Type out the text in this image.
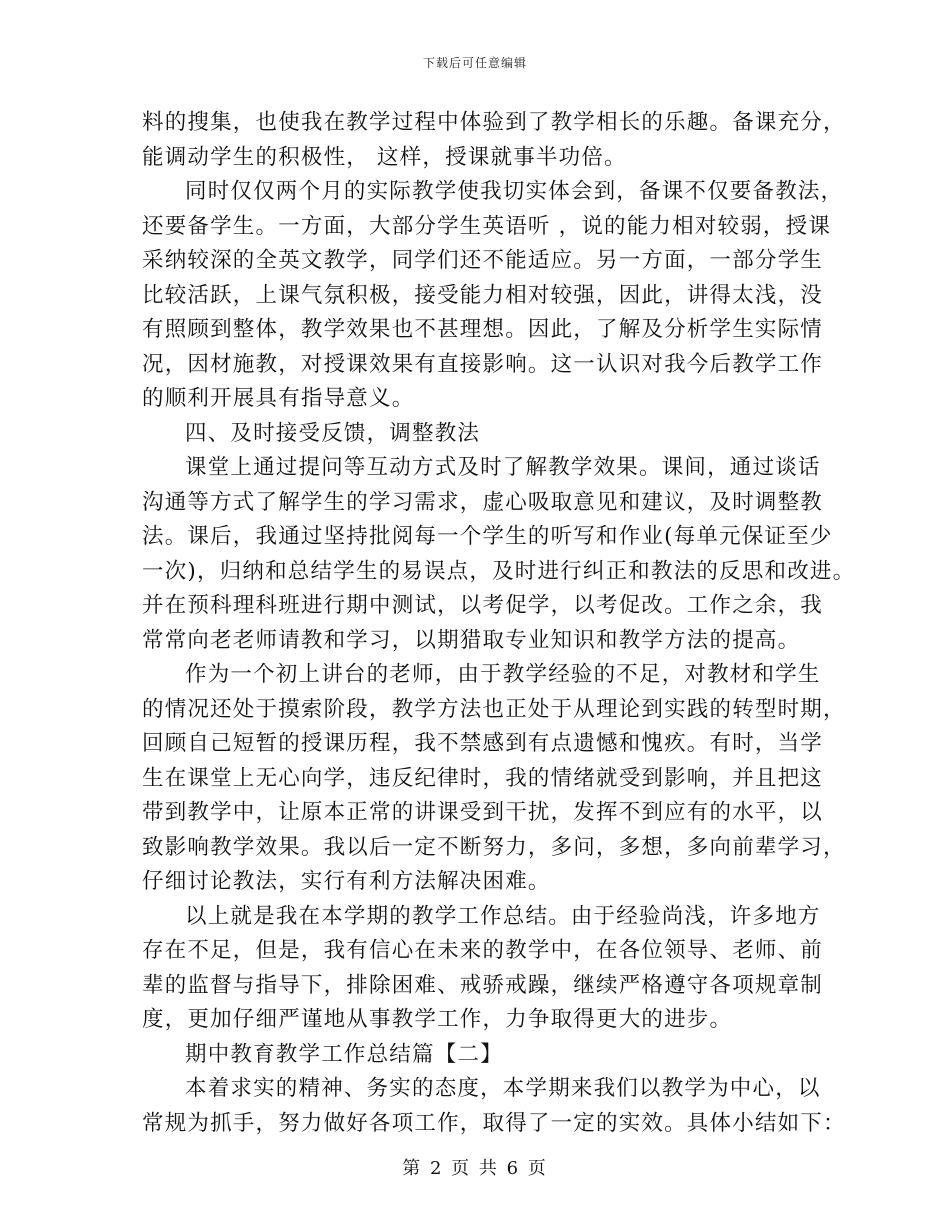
下载后可任意编辑
料的搜集，也使我在教学过程中体验到了教学相长的乐趣。备课充分，
能调动学生的积极性， 这样，授课就事半功倍。
同时仅仅两个月的实际教学使我切实体会到，备课不仅要备教法，
还要备学生。一方面，大部分学生英语听 ，说的能力相对较弱，授课
采纳较深的全英文教学，同学们还不能适应。另一方面，一部分学生
比较活跃，上课气氛积极，接受能力相对较强，因此，讲得太浅，没
有照顾到整体，教学效果也不甚理想。因此，了解及分析学生实际情
况，因材施教，对授课效果有直接影响。这一认识对我今后教学工作
的顺利开展具有指导意义。
四、及时接受反馈，调整教法
课堂上通过提问等互动方式及时了解教学效果。课间，通过谈话
沟通等方式了解学生的学习需求，虚心吸取意见和建议，及时调整教
法。课后，我通过坚持批阅每一个学生的听写和作业(每单元保证至少
一次)，归纳和总结学生的易误点，及时进行纠正和教法的反思和改进。
并在预科理科班进行期中测试，以考促学，以考促改。工作之余，我
常常向老老师请教和学习，以期猎取专业知识和教学方法的提高。
作为一个初上讲台的老师，由于教学经验的不足，对教材和学生
的情况还处于摸索阶段，教学方法也正处于从理论到实践的转型时期，
回顾自己短暂的授课历程，我不禁感到有点遗憾和愧疚。有时，当学
生在课堂上无心向学，违反纪律时，我的情绪就受到影响，并且把这
带到教学中，让原本正常的讲课受到干扰，发挥不到应有的水平，以
致影响教学效果。我以后一定不断努力，多问，多想，多向前辈学习，
仔细讨论教法，实行有利方法解决困难。
以上就是我在本学期的教学工作总结。由于经验尚浅，许多地方
存在不足，但是，我有信心在未来的教学中，在各位领导、老师、前
辈的监督与指导下，排除困难、戒骄戒躁，继续严格遵守各项规章制
度，更加仔细严谨地从事教学工作，力争取得更大的进步。
期中教育教学工作总结篇【二】
本着求实的精神、务实的态度，本学期来我们以教学为中心，以
常规为抓手，努力做好各项工作，取得了一定的实效。具体小结如下：
第 2 页 共 6 页
